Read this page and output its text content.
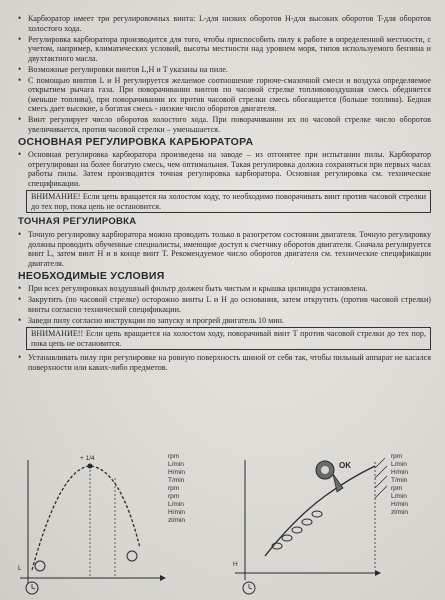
• Карбюратор имеет три регулировочных винта: L-для низких оборотов H-для высоких оборотов T-для оборотов холостого хода.
• Регулировка карбюратора производится для того, чтобы приспособить пилу к работе в определенной местности, с учетом, например, климатических условий, высоты местности над уровнем моря, типов используемого бензина и двухтактного масла.
• Возможные регулировки винтов L,H и T указаны на пиле.
• С помощью винтов L и H регулируется желаемое соотношение горюче-смазочной смеси и воздуха определяемое открытием рычага газа. При поворачивании винтов по часовой стрелке топливовоздушная смесь обедняется (меньше топлива), при поворачивании их против часовой стрелки смесь обогащается (больше топлива). Бедная смесь дает высокие, а богатая смесь - низкие число оборотов двигателя.
• Винт регулирует число оборотов холостого хода. При поворачивании их по часовой стрелке число оборотов увеличивается, против часовой стрелки – уменьшается.
ОСНОВНАЯ РЕГУЛИРОВКА КАРБЮРАТОРА
• Основная регулировка карбюратора произведена на заводе – из отгонятее при испытании пилы. Карбюратор отрегулирован на более богатую смесь, чем оптимальная. Такая регулировка должна сохраняться при первых часах работы пилы. Затем производится точная регулировка карбюратора. Основная регулировка см. технические спецификации.
ВНИМАНИЕ! Если цепь вращается на холостом ходу, то необходимо поворачивать винт против часовой стрелки до тех пор, пока цепь не остановится.
ТОЧНАЯ РЕГУЛИРОВКА
• Точную регулировку карбюратора можно проводить только в разогретом состоянии двигателя. Точную регулировку должны проводить обученные специалисты, имеющие доступ к счетчику оборотов двигателя. Сначала регулируется винт L, затем винт H и в конце винт T. Рекомендуемое число оборотов двигателя см. технические спецификации двигателя.
НЕОБХОДИМЫЕ УСЛОВИЯ
• При всех регулировках воздушный фильтр должен быть чистым и крышка цилиндра установлена.
• Закрутить (по часовой стрелке) осторожно винты L и H до основания, затем открутить (против часовой стрелки) винты согласно технической спецификации.
• Заведи пилу согласно инструкции по запуску и прогрей двигатель 10 мин.
ВНИМАНИЕ!! Если цепь вращается на холостом ходу, поворачивай винт T против часовой стрелки до тех пор, пока цепь не остановится.
• Устанавливать пилу при регулировке на ровную поверхность шиной от себя так, чтобы пильный аппарат не касался поверхности или каких-либо предметов.
+ 1/4
L
rpm
L/min
H/min
T/min
rpm
rpm
L/min
H/min
zl/min
OK
H
rpm
L/min
H/min
T/min
rpm
L/min
H/min
zl/min
